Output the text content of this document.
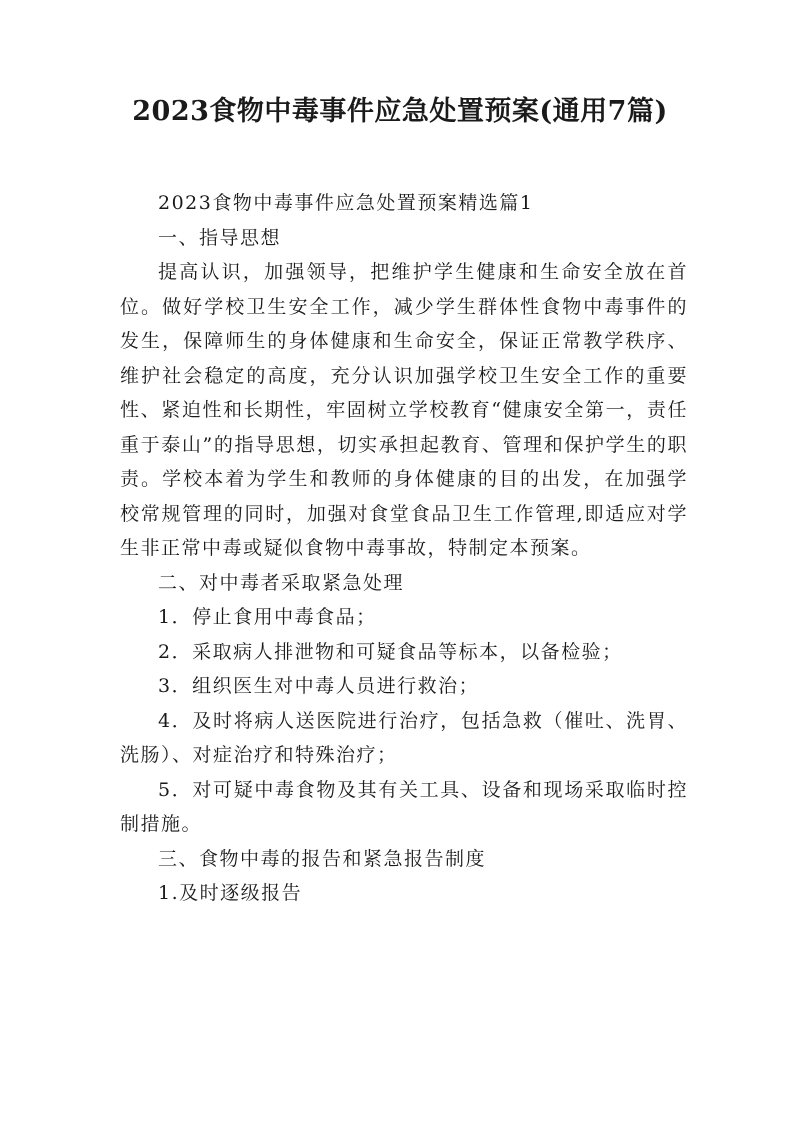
2023食物中毒事件应急处置预案(通用7篇)

2023食物中毒事件应急处置预案精选篇1

一、指导思想

提高认识，加强领导，把维护学生健康和生命安全放在首位。做好学校卫生安全工作，减少学生群体性食物中毒事件的发生，保障师生的身体健康和生命安全，保证正常教学秩序、维护社会稳定的高度，充分认识加强学校卫生安全工作的重要性、紧迫性和长期性，牢固树立学校教育“健康安全第一，责任重于泰山”的指导思想，切实承担起教育、管理和保护学生的职责。学校本着为学生和教师的身体健康的目的出发，在加强学校常规管理的同时，加强对食堂食品卫生工作管理,即适应对学生非正常中毒或疑似食物中毒事故，特制定本预案。

二、对中毒者采取紧急处理

1．停止食用中毒食品；

2．采取病人排泄物和可疑食品等标本，以备检验；

3．组织医生对中毒人员进行救治；

4．及时将病人送医院进行治疗，包括急救（催吐、洗胃、洗肠）、对症治疗和特殊治疗；

5．对可疑中毒食物及其有关工具、设备和现场采取临时控制措施。

三、食物中毒的报告和紧急报告制度

1.及时逐级报告
